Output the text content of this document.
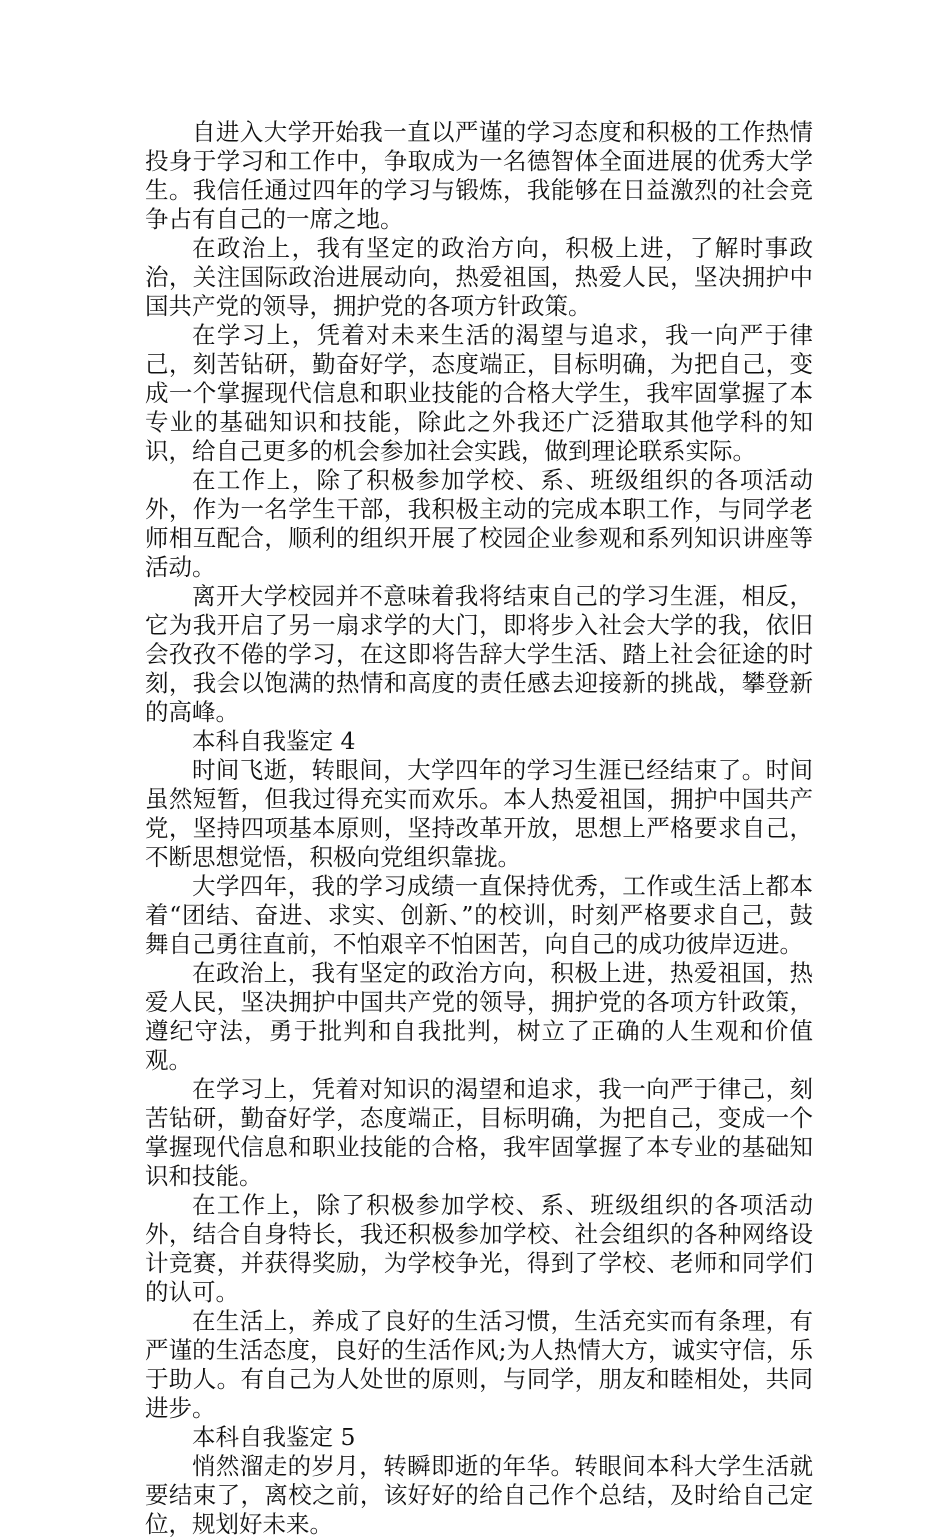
自进入大学开始我一直以严谨的学习态度和积极的工作热情投身于学习和工作中，争取成为一名德智体全面进展的优秀大学生。我信任通过四年的学习与锻炼，我能够在日益激烈的社会竞争占有自己的一席之地。

在政治上，我有坚定的政治方向，积极上进，了解时事政治，关注国际政治进展动向，热爱祖国，热爱人民，坚决拥护中国共产党的领导，拥护党的各项方针政策。

在学习上，凭着对未来生活的渴望与追求，我一向严于律己，刻苦钻研，勤奋好学，态度端正，目标明确，为把自己，变成一个掌握现代信息和职业技能的合格大学生，我牢固掌握了本专业的基础知识和技能，除此之外我还广泛猎取其他学科的知识，给自己更多的机会参加社会实践，做到理论联系实际。

在工作上，除了积极参加学校、系、班级组织的各项活动外，作为一名学生干部，我积极主动的完成本职工作，与同学老师相互配合，顺利的组织开展了校园企业参观和系列知识讲座等活动。

离开大学校园并不意味着我将结束自己的学习生涯，相反，它为我开启了另一扇求学的大门，即将步入社会大学的我，依旧会孜孜不倦的学习，在这即将告辞大学生活、踏上社会征途的时刻，我会以饱满的热情和高度的责任感去迎接新的挑战，攀登新的高峰。

本科自我鉴定 4

时间飞逝，转眼间，大学四年的学习生涯已经结束了。时间虽然短暂，但我过得充实而欢乐。本人热爱祖国，拥护中国共产党，坚持四项基本原则，坚持改革开放，思想上严格要求自己，不断思想觉悟，积极向党组织靠拢。

大学四年，我的学习成绩一直保持优秀，工作或生活上都本着“团结、奋进、求实、创新、”的校训，时刻严格要求自己，鼓舞自己勇往直前，不怕艰辛不怕困苦，向自己的成功彼岸迈进。

在政治上，我有坚定的政治方向，积极上进，热爱祖国，热爱人民，坚决拥护中国共产党的领导，拥护党的各项方针政策，遵纪守法，勇于批判和自我批判，树立了正确的人生观和价值观。

在学习上，凭着对知识的渴望和追求，我一向严于律己，刻苦钻研，勤奋好学，态度端正，目标明确，为把自己，变成一个掌握现代信息和职业技能的合格，我牢固掌握了本专业的基础知识和技能。

在工作上，除了积极参加学校、系、班级组织的各项活动外，结合自身特长，我还积极参加学校、社会组织的各种网络设计竞赛，并获得奖励，为学校争光，得到了学校、老师和同学们的认可。

在生活上，养成了良好的生活习惯，生活充实而有条理，有严谨的生活态度，良好的生活作风;为人热情大方，诚实守信，乐于助人。有自己为人处世的原则，与同学，朋友和睦相处，共同进步。

本科自我鉴定 5

悄然溜走的岁月，转瞬即逝的年华。转眼间本科大学生活就要结束了，离校之前，该好好的给自己作个总结，及时给自己定位，规划好未来。
